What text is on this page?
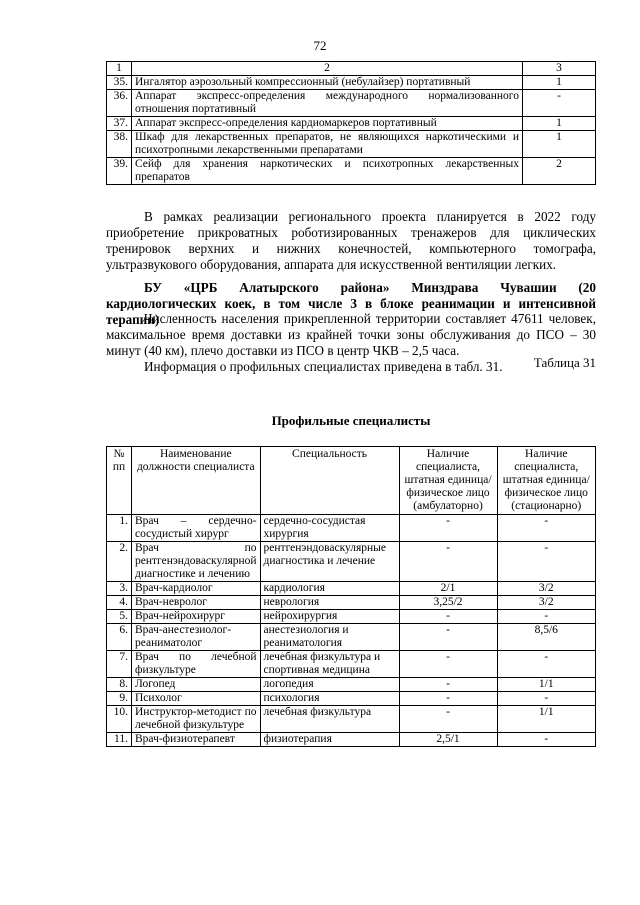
72
1	2	3
35.	Ингалятор аэрозольный компрессионный (небулайзер) портативный	1
36.	Аппарат экспресс-определения международного нормализованного отношения портативный	-
37.	Аппарат экспресс-определения кардиомаркеров портативный	1
38.	Шкаф для лекарственных препаратов, не являющихся наркотическими и психотропными лекарственными препаратами	1
39.	Сейф для хранения наркотических и психотропных лекарственных препаратов	2
В рамках реализации регионального проекта планируется в 2022 году приобретение прикроватных роботизированных тренажеров для циклических тренировок верхних и нижних конечностей, компьютерного томографа, ультразвукового оборудования, аппарата для искусственной вентиляции легких.
БУ «ЦРБ Алатырского района» Минздрава Чувашии (20 кардиологических коек, в том числе 3 в блоке реанимации и интенсивной терапии)
Численность населения прикрепленной территории составляет 47611 человек, максимальное время доставки из крайней точки зоны обслуживания до ПСО – 30 минут (40 км), плечо доставки из ПСО в центр ЧКВ – 2,5 часа.
Информация о профильных специалистах приведена в табл. 31.	Таблица 31
Профильные специалисты
№ пп	Наименование должности специалиста	Специальность	Наличие специалиста, штатная единица/физическое лицо (амбулаторно)	Наличие специалиста, штатная единица/физическое лицо (стационарно)
1.	Врач – сердечно-сосудистый хирург	сердечно-сосудистая хирургия	-	-
2.	Врач по рентгенэндоваскулярной диагностике и лечению	рентгенэндоваскулярные диагностика и лечение	-	-
3.	Врач-кардиолог	кардиология	2/1	3/2
4.	Врач-невролог	неврология	3,25/2	3/2
5.	Врач-нейрохирург	нейрохирургия	-	-
6.	Врач-анестезиолог-реаниматолог	анестезиология и реаниматология	-	8,5/6
7.	Врач по лечебной физкультуре	лечебная физкультура и спортивная медицина	-	-
8.	Логопед	логопедия	-	1/1
9.	Психолог	психология	-	-
10.	Инструктор-методист по лечебной физкультуре	лечебная физкультура	-	1/1
11.	Врач-физиотерапевт	физиотерапия	2,5/1	-
